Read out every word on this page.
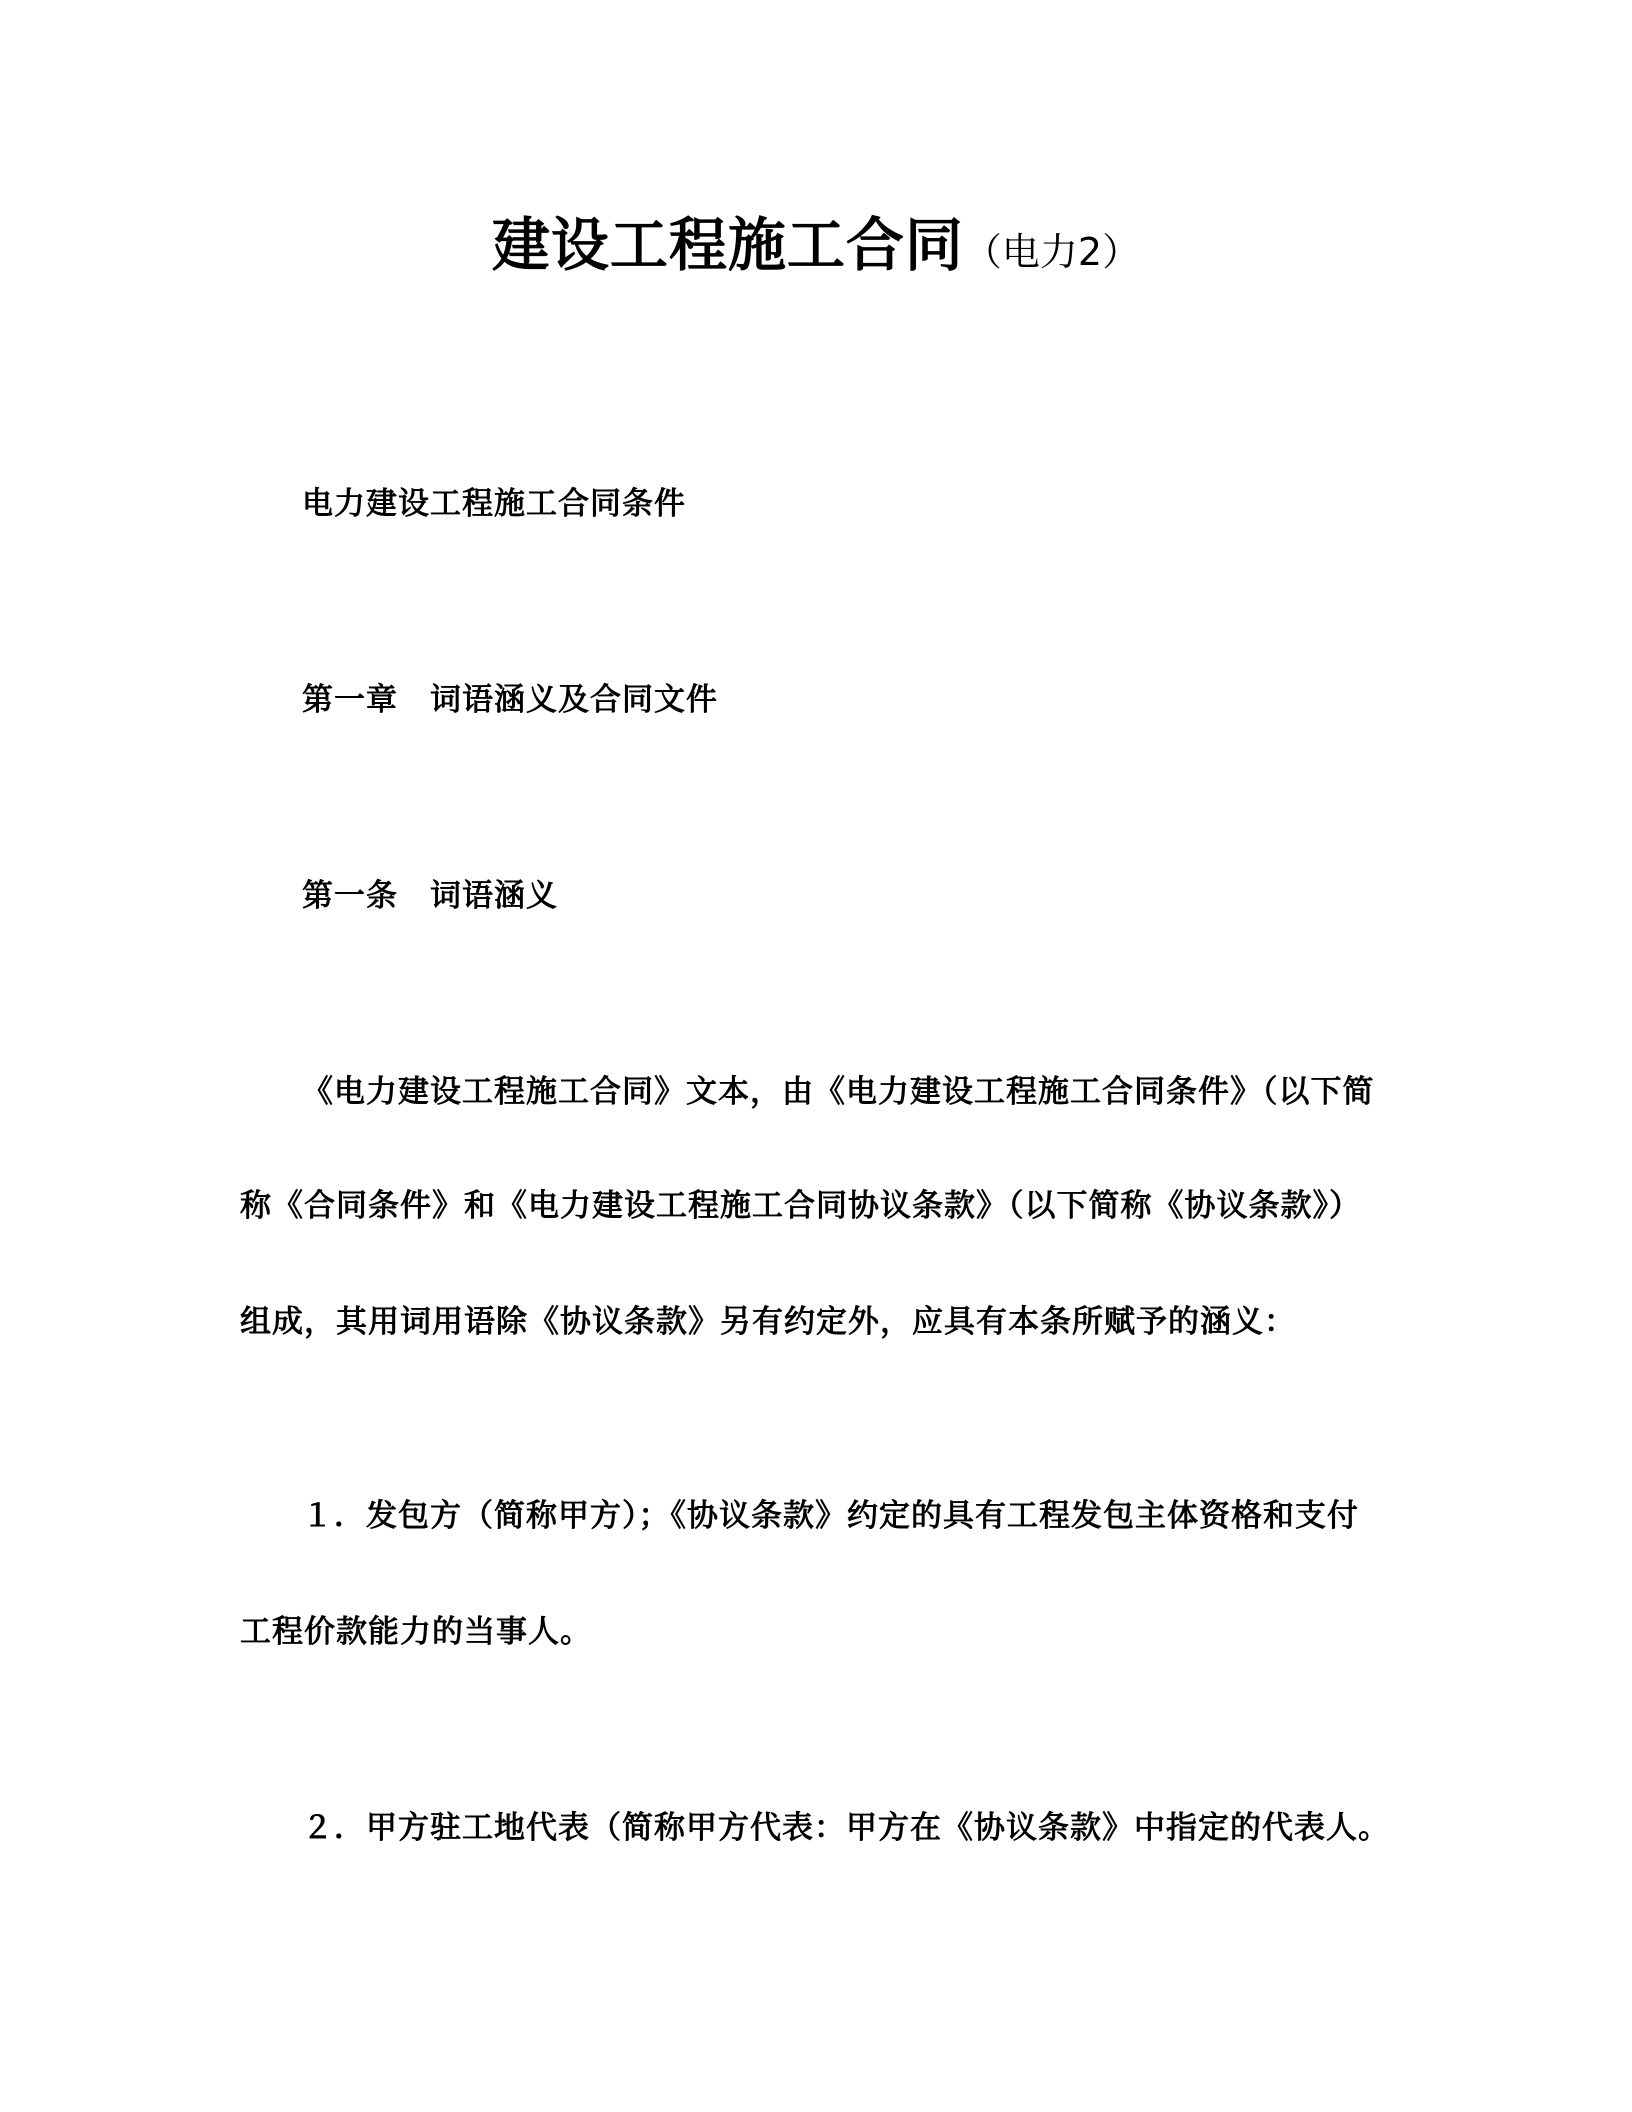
建设工程施工合同（电力2）
电力建设工程施工合同条件
第一章　词语涵义及合同文件
第一条　词语涵义
《电力建设工程施工合同》文本，由《电力建设工程施工合同条件》（以下简
称《合同条件》和《电力建设工程施工合同协议条款》（以下简称《协议条款》）
组成，其用词用语除《协议条款》另有约定外，应具有本条所赋予的涵义：
１．发包方（简称甲方）；《协议条款》约定的具有工程发包主体资格和支付
工程价款能力的当事人。
２．甲方驻工地代表（简称甲方代表：甲方在《协议条款》中指定的代表人。
